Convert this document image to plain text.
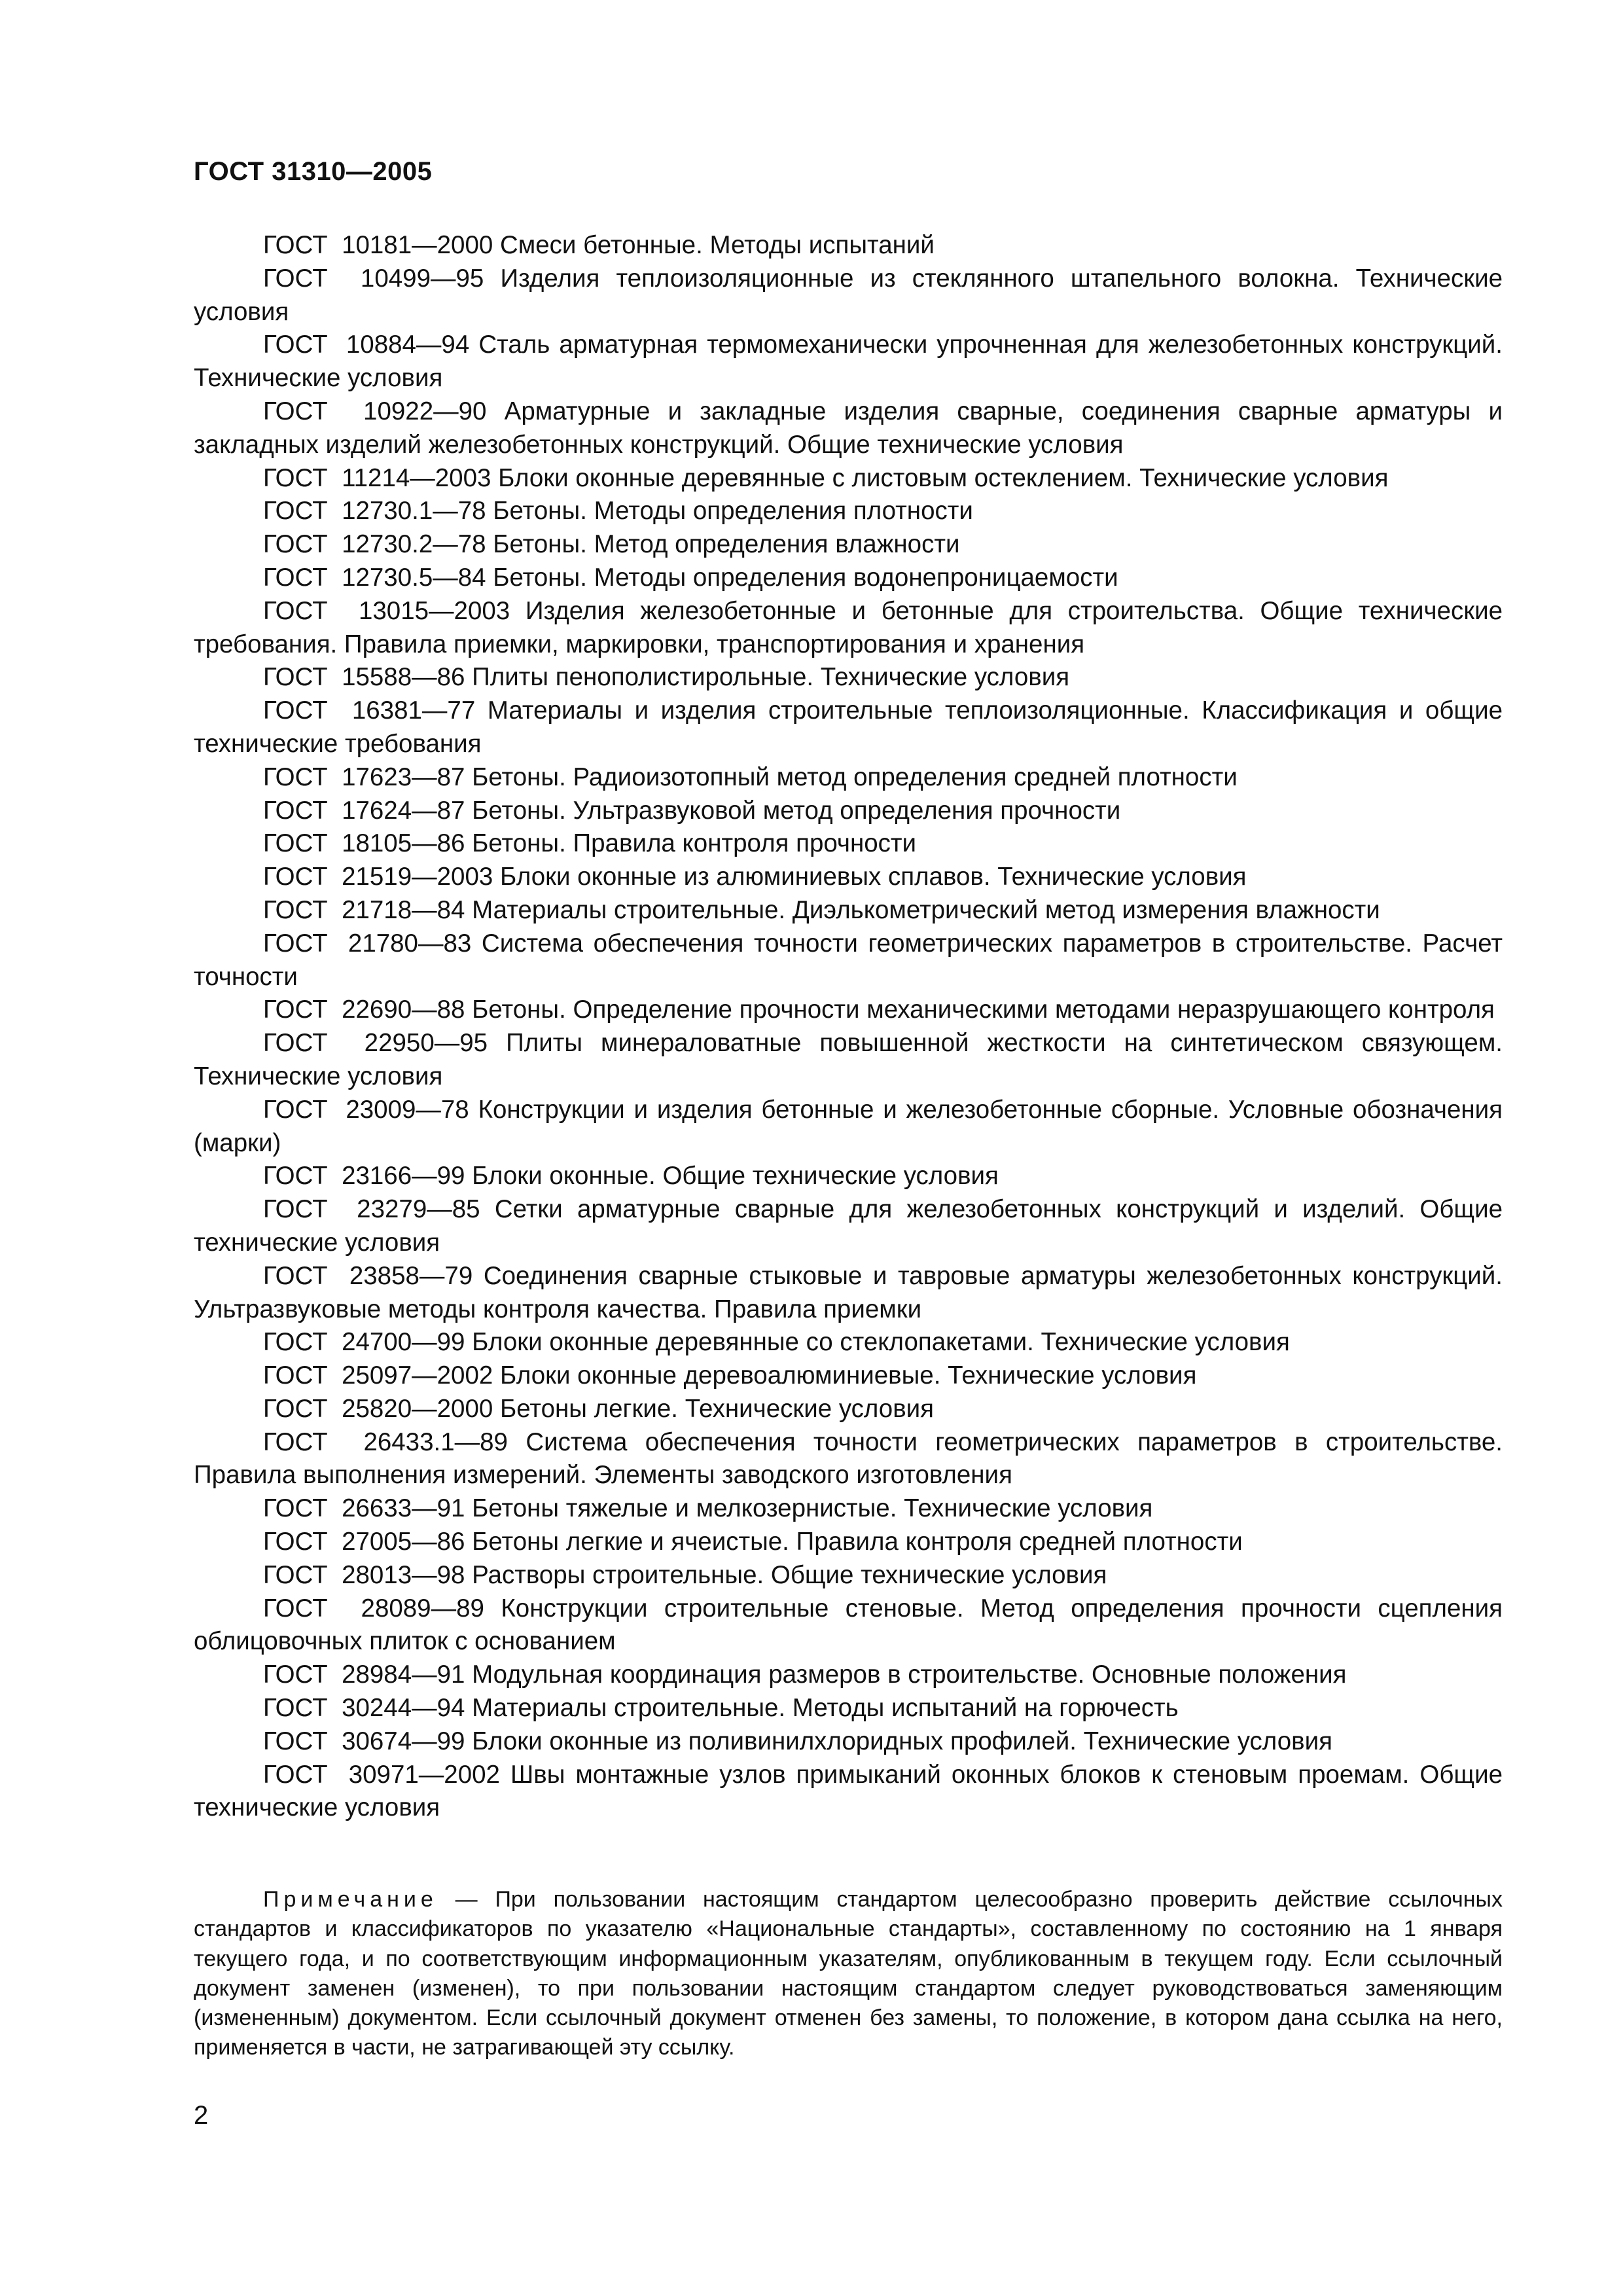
ГОСТ 31310—2005

ГОСТ  10181—2000 Смеси бетонные. Методы испытаний

ГОСТ  10499—95 Изделия теплоизоляционные из стеклянного штапельного волокна. Технические условия

ГОСТ  10884—94 Сталь арматурная термомеханически упрочненная для железобетонных конструкций. Технические условия

ГОСТ  10922—90 Арматурные и закладные изделия сварные, соединения сварные арматуры и закладных изделий железобетонных конструкций. Общие технические условия

ГОСТ  11214—2003 Блоки оконные деревянные с листовым остеклением. Технические условия

ГОСТ  12730.1—78 Бетоны. Методы определения плотности

ГОСТ  12730.2—78 Бетоны. Метод определения влажности

ГОСТ  12730.5—84 Бетоны. Методы определения водонепроницаемости

ГОСТ  13015—2003 Изделия железобетонные и бетонные для строительства. Общие технические требования. Правила приемки, маркировки, транспортирования и хранения

ГОСТ  15588—86 Плиты пенополистирольные. Технические условия

ГОСТ  16381—77 Материалы и изделия строительные теплоизоляционные. Классификация и общие технические требования

ГОСТ  17623—87 Бетоны. Радиоизотопный метод определения средней плотности

ГОСТ  17624—87 Бетоны. Ультразвуковой метод определения прочности

ГОСТ  18105—86 Бетоны. Правила контроля прочности

ГОСТ  21519—2003 Блоки оконные из алюминиевых сплавов. Технические условия

ГОСТ  21718—84 Материалы строительные. Диэлькометрический метод измерения влажности

ГОСТ  21780—83 Система обеспечения точности геометрических параметров в строительстве. Расчет точности

ГОСТ  22690—88 Бетоны. Определение прочности механическими методами неразрушающего контроля

ГОСТ  22950—95 Плиты минераловатные повышенной жесткости на синтетическом связующем. Технические условия

ГОСТ  23009—78 Конструкции и изделия бетонные и железобетонные сборные. Условные обозначения (марки)

ГОСТ  23166—99 Блоки оконные. Общие технические условия

ГОСТ  23279—85 Сетки арматурные сварные для железобетонных конструкций и изделий. Общие технические условия

ГОСТ  23858—79 Соединения сварные стыковые и тавровые арматуры железобетонных конструкций. Ультразвуковые методы контроля качества. Правила приемки

ГОСТ  24700—99 Блоки оконные деревянные со стеклопакетами. Технические условия

ГОСТ  25097—2002 Блоки оконные деревоалюминиевые. Технические условия

ГОСТ  25820—2000 Бетоны легкие. Технические условия

ГОСТ  26433.1—89 Система обеспечения точности геометрических параметров в строительстве. Правила выполнения измерений. Элементы заводского изготовления

ГОСТ  26633—91 Бетоны тяжелые и мелкозернистые. Технические условия

ГОСТ  27005—86 Бетоны легкие и ячеистые. Правила контроля средней плотности

ГОСТ  28013—98 Растворы строительные. Общие технические условия

ГОСТ  28089—89 Конструкции строительные стеновые. Метод определения прочности сцепления облицовочных плиток с основанием

ГОСТ  28984—91 Модульная координация размеров в строительстве. Основные положения

ГОСТ  30244—94 Материалы строительные. Методы испытаний на горючесть

ГОСТ  30674—99 Блоки оконные из поливинилхлоридных профилей. Технические условия

ГОСТ  30971—2002 Швы монтажные узлов примыканий оконных блоков к стеновым проемам. Общие технические условия

Примечание — При пользовании настоящим стандартом целесообразно проверить действие ссылочных стандартов и классификаторов по указателю «Национальные стандарты», составленному по состоянию на 1 января текущего года, и по соответствующим информационным указателям, опубликованным в текущем году. Если ссылочный документ заменен (изменен), то при пользовании настоящим стандартом следует руководствоваться заменяющим (измененным) документом. Если ссылочный документ отменен без замены, то положение, в котором дана ссылка на него, применяется в части, не затрагивающей эту ссылку.
2
